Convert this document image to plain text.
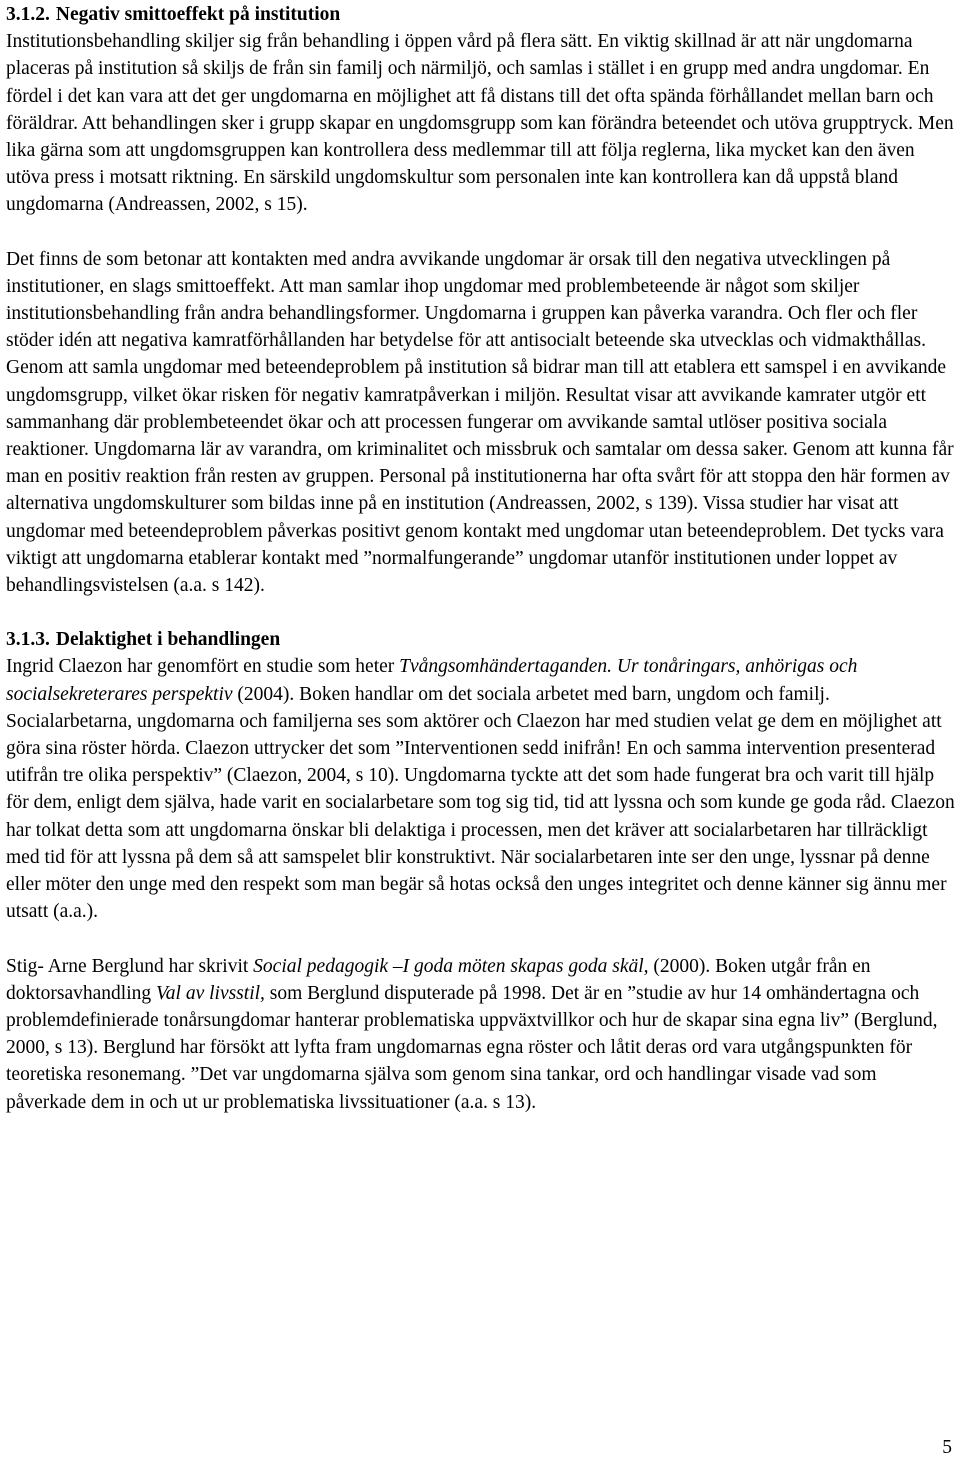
3.1.2. Negativ smittoeffekt på institution

Institutionsbehandling skiljer sig från behandling i öppen vård på flera sätt. En viktig skillnad är att när ungdomarna placeras på institution så skiljs de från sin familj och närmiljö, och samlas i stället i en grupp med andra ungdomar. En fördel i det kan vara att det ger ungdomarna en möjlighet att få distans till det ofta spända förhållandet mellan barn och föräldrar. Att behandlingen sker i grupp skapar en ungdomsgrupp som kan förändra beteendet och utöva grupptryck. Men lika gärna som att ungdomsgruppen kan kontrollera dess medlemmar till att följa reglerna, lika mycket kan den även utöva press i motsatt riktning. En särskild ungdomskultur som personalen inte kan kontrollera kan då uppstå bland ungdomarna (Andreassen, 2002, s 15).

Det finns de som betonar att kontakten med andra avvikande ungdomar är orsak till den negativa utvecklingen på institutioner, en slags smittoeffekt. Att man samlar ihop ungdomar med problembeteende är något som skiljer institutionsbehandling från andra behandlingsformer. Ungdomarna i gruppen kan påverka varandra. Och fler och fler stöder idén att negativa kamratförhållanden har betydelse för att antisocialt beteende ska utvecklas och vidmakthållas. Genom att samla ungdomar med beteendeproblem på institution så bidrar man till att etablera ett samspel i en avvikande ungdomsgrupp, vilket ökar risken för negativ kamratpåverkan i miljön. Resultat visar att avvikande kamrater utgör ett sammanhang där problembeteendet ökar och att processen fungerar om avvikande samtal utlöser positiva sociala reaktioner. Ungdomarna lär av varandra, om kriminalitet och missbruk och samtalar om dessa saker. Genom att kunna får man en positiv reaktion från resten av gruppen. Personal på institutionerna har ofta svårt för att stoppa den här formen av alternativa ungdomskulturer som bildas inne på en institution (Andreassen, 2002, s 139). Vissa studier har visat att ungdomar med beteendeproblem påverkas positivt genom kontakt med ungdomar utan beteendeproblem. Det tycks vara viktigt att ungdomarna etablerar kontakt med ”normalfungerande” ungdomar utanför institutionen under loppet av behandlingsvistelsen (a.a. s 142).

3.1.3. Delaktighet i behandlingen

Ingrid Claezon har genomfört en studie som heter Tvångsomhändertaganden. Ur tonåringars, anhörigas och socialsekreterares perspektiv (2004). Boken handlar om det sociala arbetet med barn, ungdom och familj. Socialarbetarna, ungdomarna och familjerna ses som aktörer och Claezon har med studien velat ge dem en möjlighet att göra sina röster hörda. Claezon uttrycker det som ”Interventionen sedd inifrån! En och samma intervention presenterad utifrån tre olika perspektiv” (Claezon, 2004, s 10). Ungdomarna tyckte att det som hade fungerat bra och varit till hjälp för dem, enligt dem själva, hade varit en socialarbetare som tog sig tid, tid att lyssna och som kunde ge goda råd. Claezon har tolkat detta som att ungdomarna önskar bli delaktiga i processen, men det kräver att socialarbetaren har tillräckligt med tid för att lyssna på dem så att samspelet blir konstruktivt. När socialarbetaren inte ser den unge, lyssnar på denne eller möter den unge med den respekt som man begär så hotas också den unges integritet och denne känner sig ännu mer utsatt (a.a.).

Stig- Arne Berglund har skrivit Social pedagogik –I goda möten skapas goda skäl, (2000). Boken utgår från en doktorsavhandling Val av livsstil, som Berglund disputerade på 1998. Det är en ”studie av hur 14 omhändertagna och problemdefinierade tonårsungdomar hanterar problematiska uppväxtvillkor och hur de skapar sina egna liv” (Berglund, 2000, s 13). Berglund har försökt att lyfta fram ungdomarnas egna röster och låtit deras ord vara utgångspunkten för teoretiska resonemang. ”Det var ungdomarna själva som genom sina tankar, ord och handlingar visade vad som påverkade dem in och ut ur problematiska livssituationer (a.a. s 13).

5
